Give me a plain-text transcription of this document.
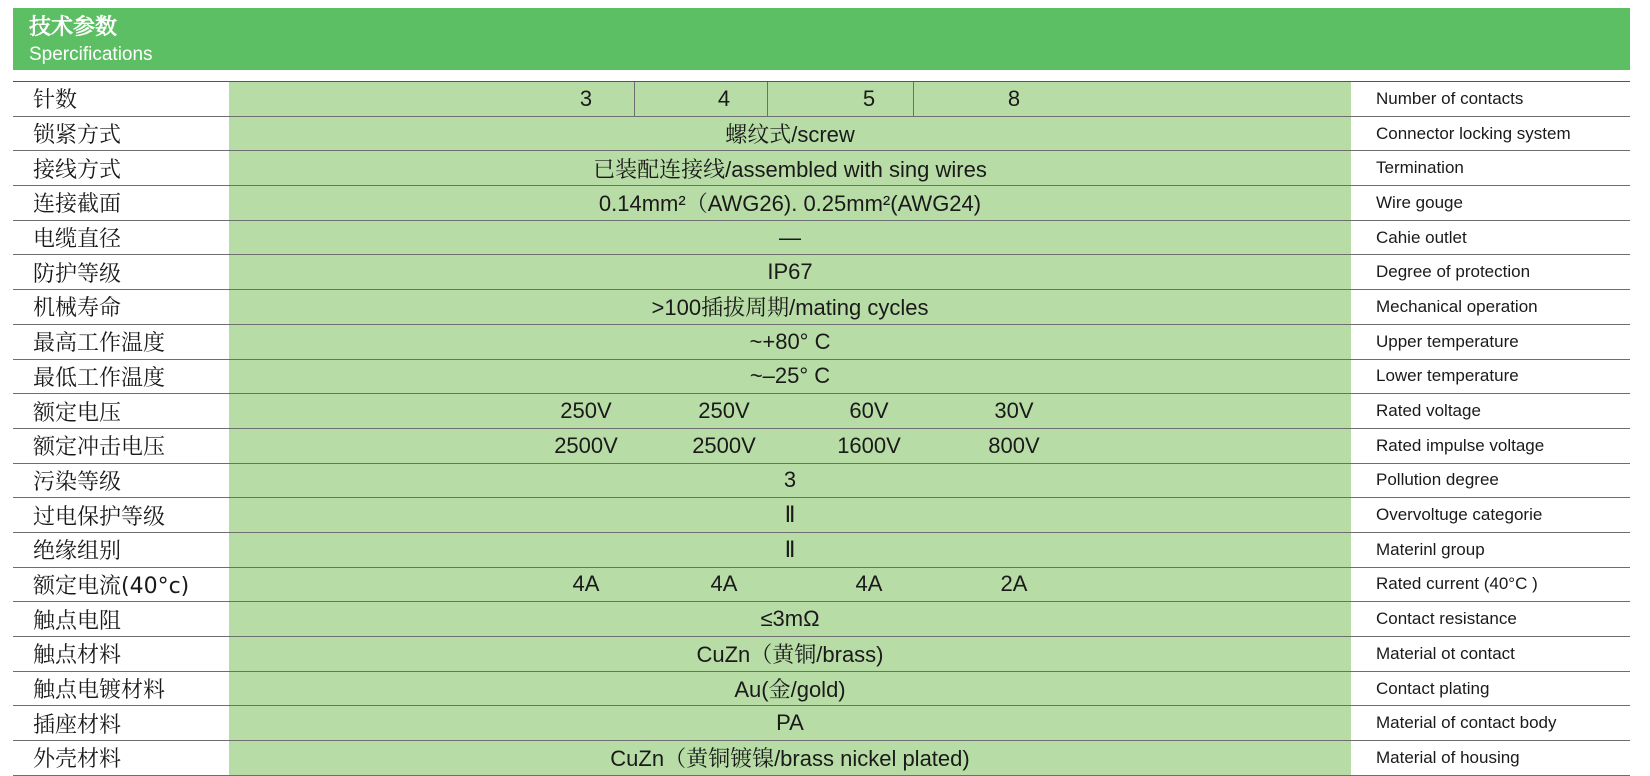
技术参数
Spercifications
针数	3	4	5	8	Number of contacts
锁紧方式	螺纹式/screw	Connector locking system
接线方式	已装配连接线/assembled with sing wires	Termination
连接截面	0.14mm²（AWG26). 0.25mm²(AWG24)	Wire gouge
电缆直径	—	Cahie outlet
防护等级	IP67	Degree of protection
机械寿命	>100插拔周期/mating cycles	Mechanical operation
最高工作温度	~+80° C	Upper temperature
最低工作温度	~–25° C	Lower temperature
额定电压	250V	250V	60V	30V	Rated voltage
额定冲击电压	2500V	2500V	1600V	800V	Rated impulse voltage
污染等级	3	Pollution degree
过电保护等级	Ⅱ	Overvoltuge categorie
绝缘组别	Ⅱ	Materinl group
额定电流(40°c)	4A	4A	4A	2A	Rated current (40°C )
触点电阻	≤3mΩ	Contact resistance
触点材料	CuZn（黄铜/brass)	Material ot contact
触点电镀材料	Au(金/gold)	Contact plating
插座材料	PA	Material of contact body
外壳材料	CuZn（黄铜镀镍/brass nickel plated)	Material of housing
